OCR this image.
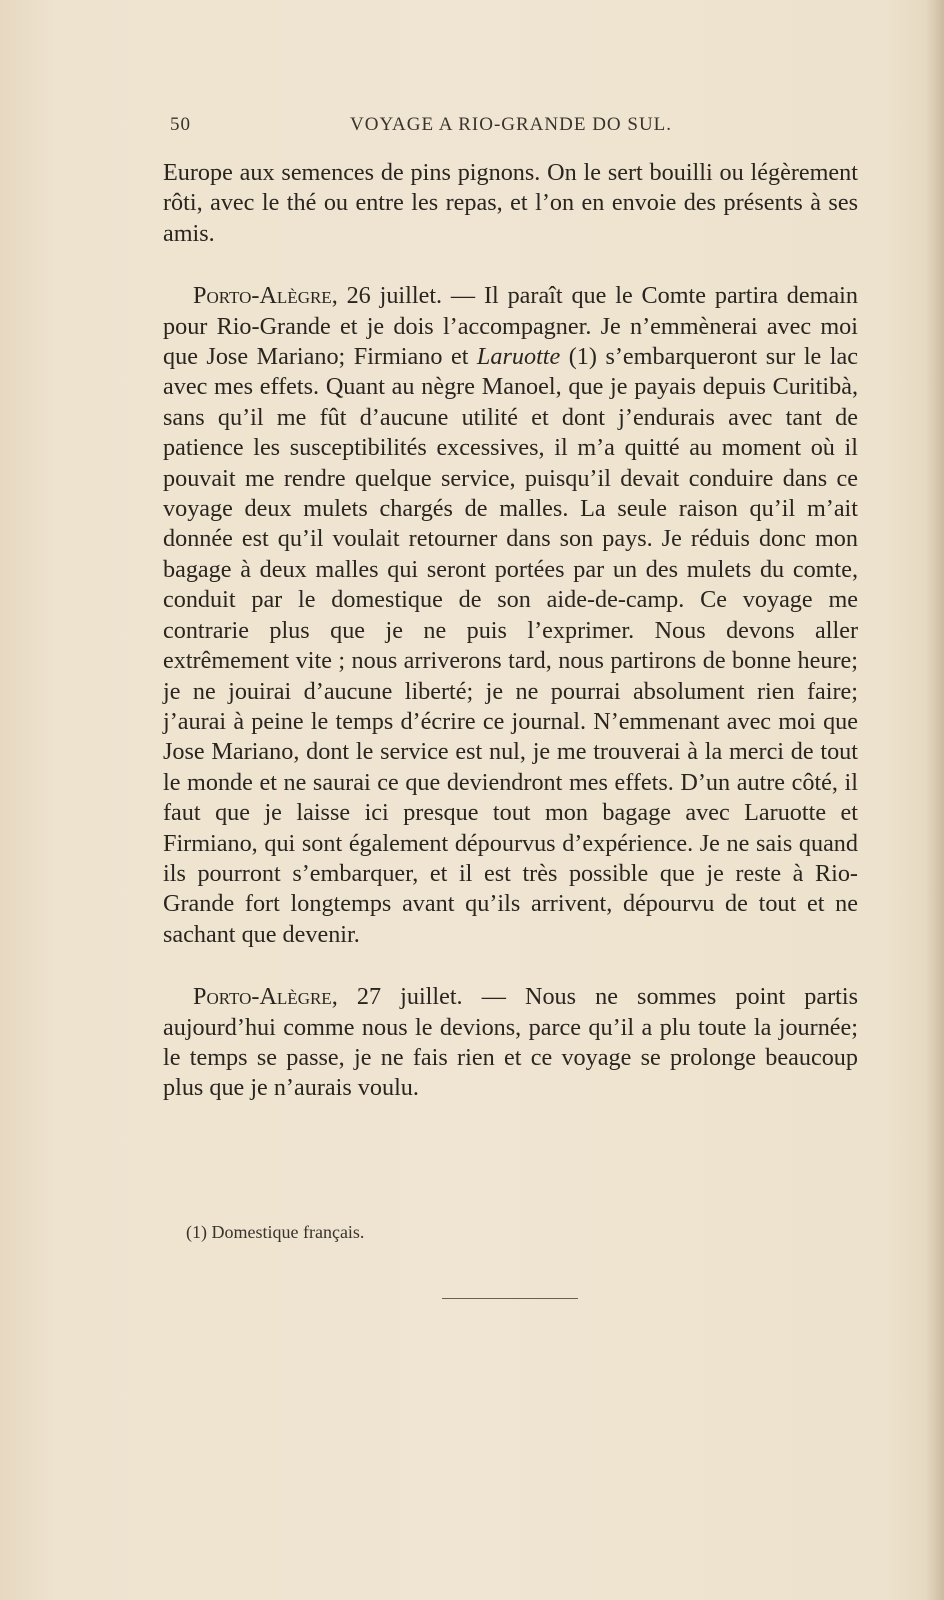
50	VOYAGE A RIO-GRANDE DO SUL.

Europe aux semences de pins pignons. On le sert bouilli ou légèrement rôti, avec le thé ou entre les repas, et l’on en envoie des présents à ses amis.

Porto-Alègre, 26 juillet. — Il paraît que le Comte partira demain pour Rio-Grande et je dois l’accompagner. Je n’emmènerai avec moi que Jose Mariano; Firmiano et Laruotte (1) s’embarqueront sur le lac avec mes effets. Quant au nègre Manoel, que je payais depuis Curitibà, sans qu’il me fût d’aucune utilité et dont j’endurais avec tant de patience les susceptibilités excessives, il m’a quitté au moment où il pouvait me rendre quelque service, puisqu’il devait conduire dans ce voyage deux mulets chargés de malles. La seule raison qu’il m’ait donnée est qu’il voulait retourner dans son pays. Je réduis donc mon bagage à deux malles qui seront portées par un des mulets du comte, conduit par le domestique de son aide-de-camp. Ce voyage me contrarie plus que je ne puis l’exprimer. Nous devons aller extrêmement vite ; nous arriverons tard, nous partirons de bonne heure; je ne jouirai d’aucune liberté; je ne pourrai absolument rien faire; j’aurai à peine le temps d’écrire ce journal. N’emmenant avec moi que Jose Mariano, dont le service est nul, je me trouverai à la merci de tout le monde et ne saurai ce que deviendront mes effets. D’un autre côté, il faut que je laisse ici presque tout mon bagage avec Laruotte et Firmiano, qui sont également dépourvus d’expérience. Je ne sais quand ils pourront s’embarquer, et il est très possible que je reste à Rio-Grande fort longtemps avant qu’ils arrivent, dépourvu de tout et ne sachant que devenir.

Porto-Alègre, 27 juillet. — Nous ne sommes point partis aujourd’hui comme nous le devions, parce qu’il a plu toute la journée; le temps se passe, je ne fais rien et ce voyage se prolonge beaucoup plus que je n’aurais voulu.

(1) Domestique français.
